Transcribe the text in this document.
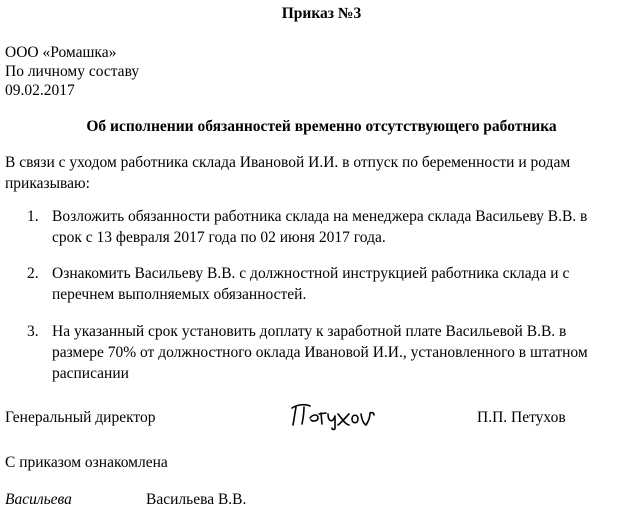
Приказ №3
ООО «Ромашка»
По личному составу
09.02.2017
Об исполнении обязанностей временно отсутствующего работника
В связи с уходом работника склада Ивановой И.И. в отпуск по беременности и родам приказываю:
1. Возложить обязанности работника склада на менеджера склада Васильеву В.В. в срок с 13 февраля 2017 года по 02 июня 2017 года.
2. Ознакомить Васильеву В.В. с должностной инструкцией работника склада и с перечнем выполняемых обязанностей.
3. На указанный срок установить доплату к заработной плате Васильевой В.В. в размере 70% от должностного оклада Ивановой И.И., установленного в штатном расписании
Генеральный директор	П.П. Петухов
С приказом ознакомлена
Васильева	Васильева В.В.
